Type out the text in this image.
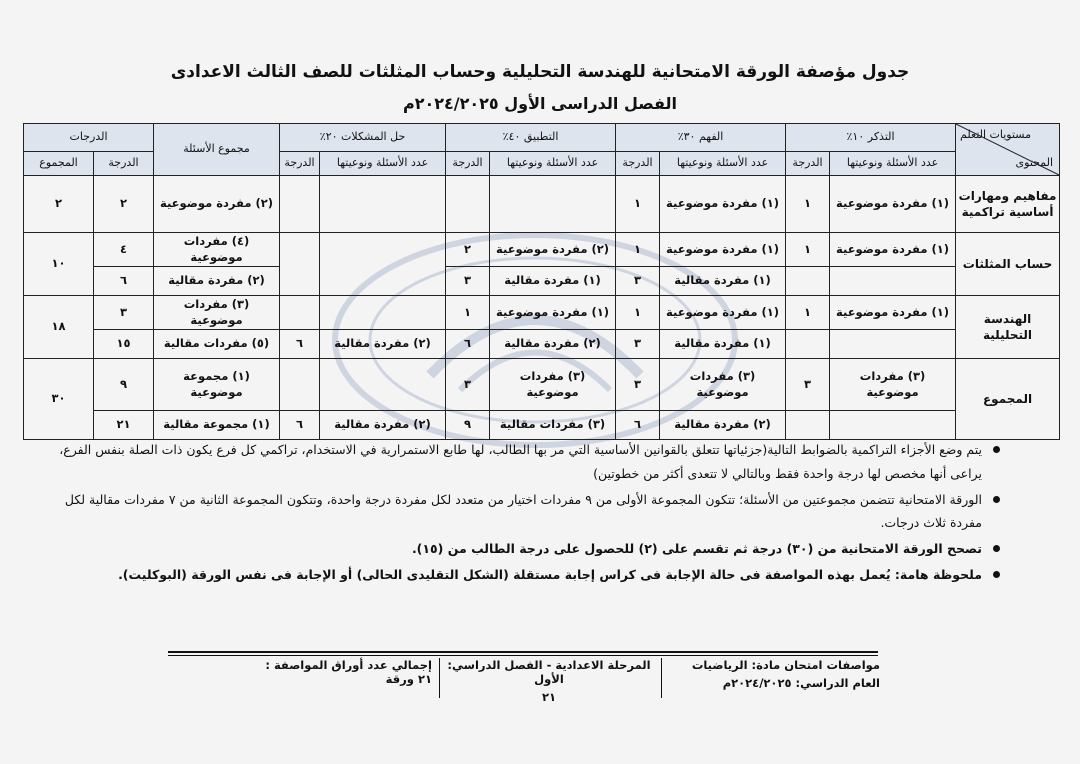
جدول مؤصفة الورقة الامتحانية للهندسة التحليلية وحساب المثلثات للصف الثالث الاعدادى
الفصل الدراسى الأول ٢٠٢٤/٢٠٢٥م
مستويات التعلم
المحتوى	التذكر ١٠٪		الفهم ٣٠٪		التطبيق ٤٠٪		حل المشكلات ٢٠٪		مجموع الأسئلة	الدرجات	
	عدد الأسئلة ونوعيتها	الدرجة	عدد الأسئلة ونوعيتها	الدرجة	عدد الأسئلة ونوعيتها	الدرجة	عدد الأسئلة ونوعيتها	الدرجة		الدرجة	المجموع
مفاهيم ومهارات أساسية تراكمية	(١) مفردة موضوعية	١	(١) مفردة موضوعية	١					(٢) مفردة موضوعية	٢	٢
حساب المثلثات	(١) مفردة موضوعية	١	(١) مفردة موضوعية	١	(٢) مفردة موضوعية	٢			(٤) مفردات موضوعية	٤	١٠
			(١) مفردة مقالية	٣	(١) مفردة مقالية	٣			(٢) مفردة مقالية	٦	
الهندسة التحليلية	(١) مفردة موضوعية	١	(١) مفردة موضوعية	١	(١) مفردة موضوعية	١			(٣) مفردات موضوعية	٣	١٨
			(١) مفردة مقالية	٣	(٢) مفردة مقالية	٦	(٢) مفردة مقالية	٦	(٥) مفردات مقالية	١٥	
المجموع	(٣) مفردات موضوعية	٣	(٣) مفردات موضوعية	٣	(٣) مفردات موضوعية	٣			(١) مجموعة موضوعية	٩	٣٠
			(٢) مفردة مقالية	٦	(٣) مفردات مقالية	٩	(٢) مفردة مقالية	٦	(١) مجموعة مقالية	٢١	
يتم وضع الأجزاء التراكمية بالضوابط التالية(جزئياتها تتعلق بالقوانين الأساسية التي مر بها الطالب، لها طابع الاستمرارية في الاستخدام، تراكمي كل فرع يكون ذات الصلة بنفس الفرع، يراعى أنها مخصص لها درجة واحدة فقط وبالتالي لا تتعدى أكثر من خطوتين)
الورقة الامتحانية تتضمن مجموعتين من الأسئلة؛ تتكون المجموعة الأولى من ٩ مفردات اختيار من متعدد لكل مفردة درجة واحدة، وتتكون المجموعة الثانية من ٧ مفردات مقالية لكل مفردة ثلاث درجات.
تصحح الورقة الامتحانية من (٣٠) درجة ثم تقسم على (٢) للحصول على درجة الطالب من (١٥).
ملحوظة هامة: يُعمل بهذه المواصفة فى حالة الإجابة فى كراس إجابة مستقلة (الشكل التقليدى الحالى) أو الإجابة فى نفس الورقة (البوكليت).
مواصفات امتحان مادة: الرياضيات
العام الدراسي: ٢٠٢٤/٢٠٢٥م
المرحلة الاعدادية - الفصل الدراسي: الأول
٢١
إجمالي عدد أوراق المواصفة : ٢١ ورقة
